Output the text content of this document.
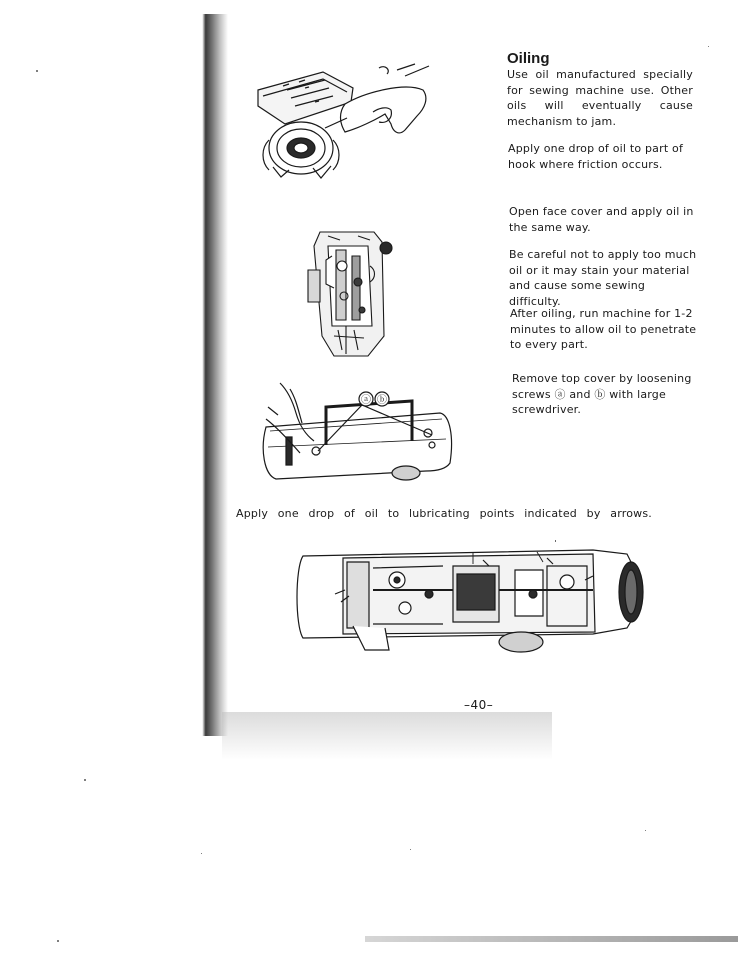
Oiling

Use oil manufactured specially for sewing machine use. Other oils will eventually cause mechanism to jam.

Apply one drop of oil to part of hook where friction occurs.

Open face cover and apply oil in the same way.

Be careful not to apply too much oil or it may stain your material and cause some sewing difficulty.

After oiling, run machine for 1-2 minutes to allow oil to penetrate to every part.

Remove top cover by loosening screws ⓐ and ⓑ with large screwdriver.

Apply one drop of oil to lubricating points indicated by arrows.

–40–
ⓐ ⓑ
